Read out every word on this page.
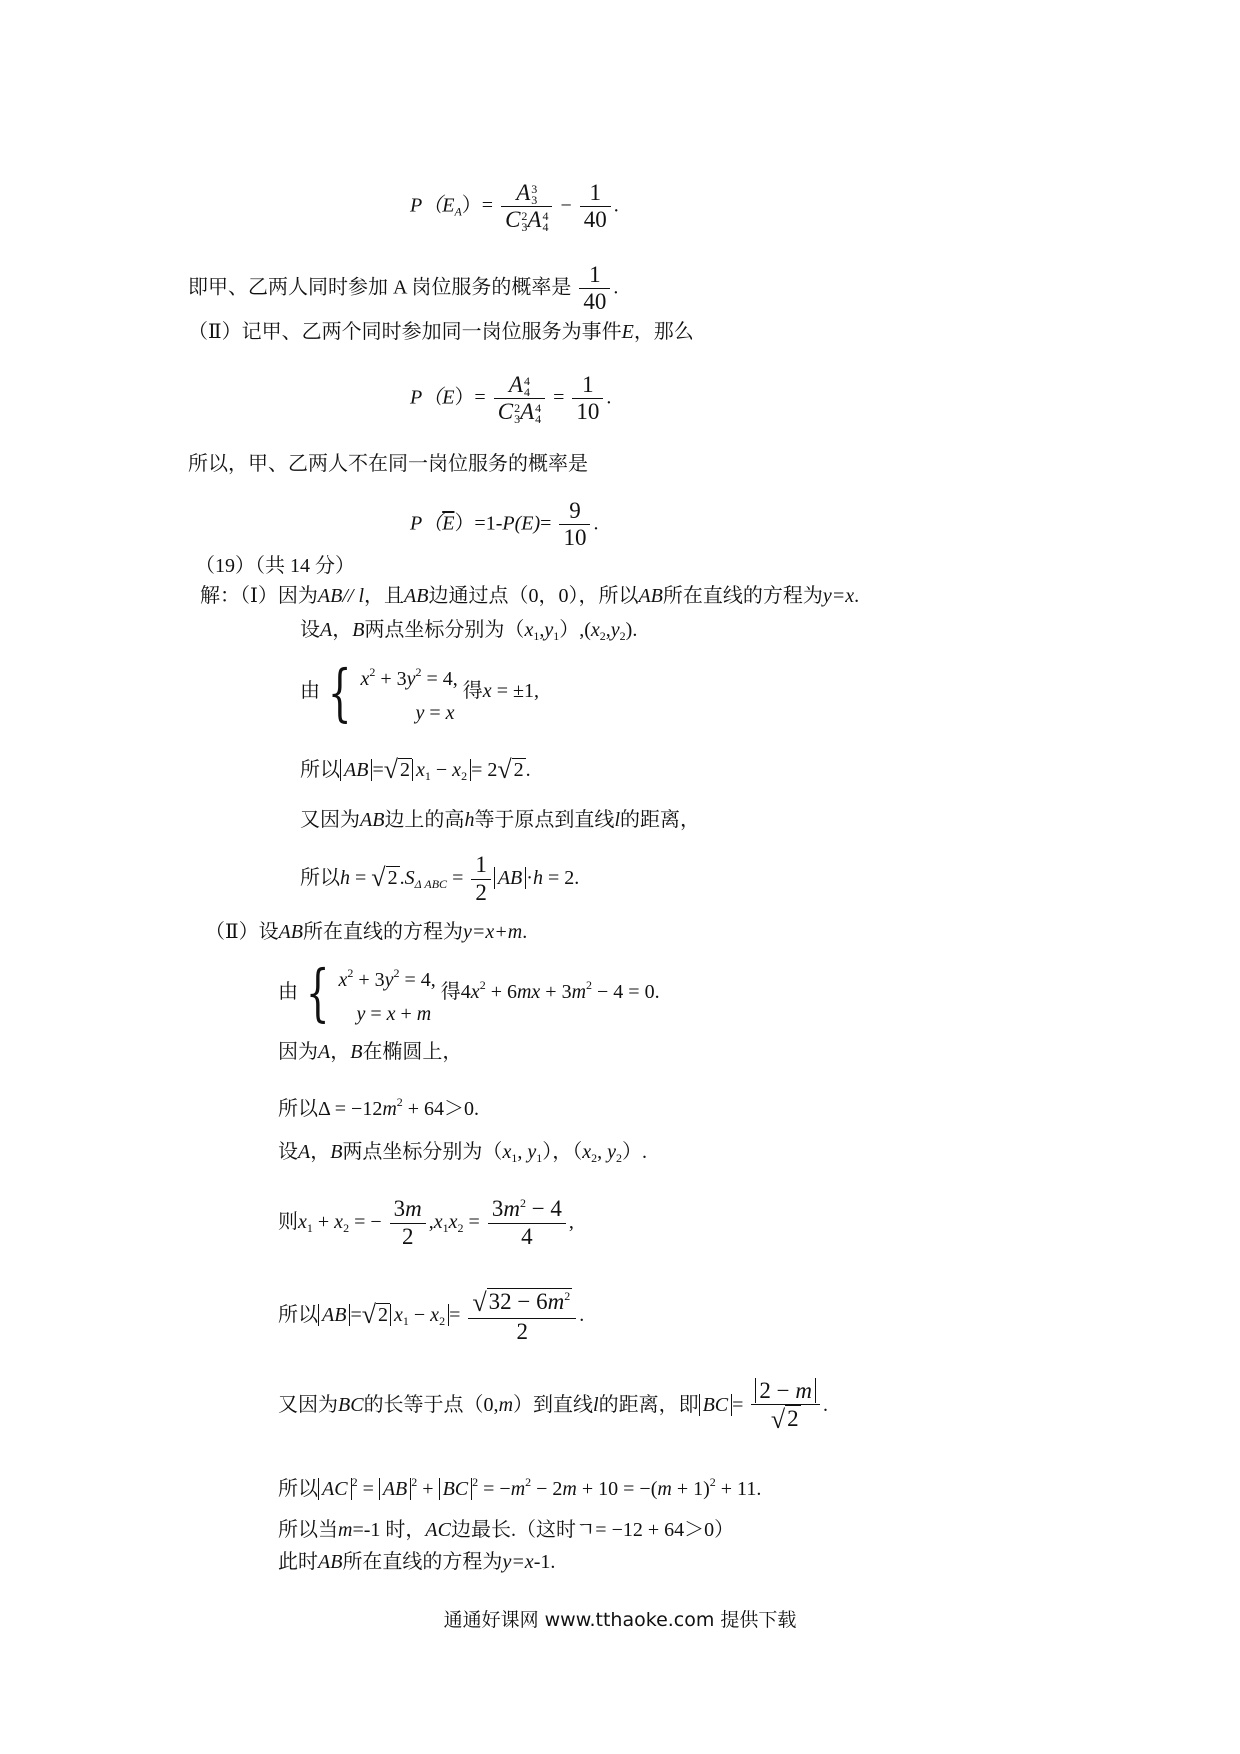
$P(E_A)= A$ 3
3
C 2
3 A 4
$4 - \frac{1}{40}$ .
即甲、乙两人同时参加 A 岗位服务的概率是 $\frac{1}{40}$ .
（Ⅱ）记甲、乙两个同时参加同一岗位服务为事件E，那么
P（E）= A 4
4
C 2
3 A 4
$4 = \frac{1}{10}$ .
所以，甲、乙两人不在同一岗位服务的概率是
$P(\overline{E})=1-P(E)= \frac{9}{10}$ .
（19）（共 14 分）
解：（Ⅰ）因为AB// l，且AB边通过点（0，0），所以AB所在直线的方程为y=x.
设A，B两点坐标分别为$(x_1,y_1),(x_2,y_2)$.
由 { $x^2 + 3y^2 = 4$,
y = x
得x = ±1,
所以 AB =√ 2 $x_1 - x_2 = 2√$ 2 .
又因为AB边上的高h等于原点到直线l的距离，
所以h = √ 2 $.S_{\Delta ABC} = \frac{1}{2}$ AB ·h = 2.
（Ⅱ）设AB所在直线的方程为y=x+m.
由 { $x^2 + 3y^2 = 4$,
y = x + m
得$4x^2 + 6mx + 3m^2 - 4 = 0$.
因为A，B在椭圆上，
所以$\Delta = -12m^2 + 64>0$.
设A，B两点坐标分别为（$x_1$, $y_1$），（$x_2$, $y_2$）.
则$x_1 + x_2$ = − $\frac{3m}{2} ,x_1x_2 = \frac{3m^2 - 4}{4}$ ,
所以 AB =√ 2 $x_1 - x_2 = \frac{√32 - 6m^2}{2}$ .
又因为BC的长等于点（0,m）到直线l的距离，即 BC = $\frac{2 - m}{√2}$ .
所以 AC $^2$ = AB $^2$ + BC $^2 = -m^2 - 2m + 10 = -(m + 1)^2 + 11$.
所以当m=-1 时，AC边最长.（这时ㄱ= −12 + 64＞0）
此时AB所在直线的方程为y=x-1.
通通好课网 www.tthaoke.com 提供下载
